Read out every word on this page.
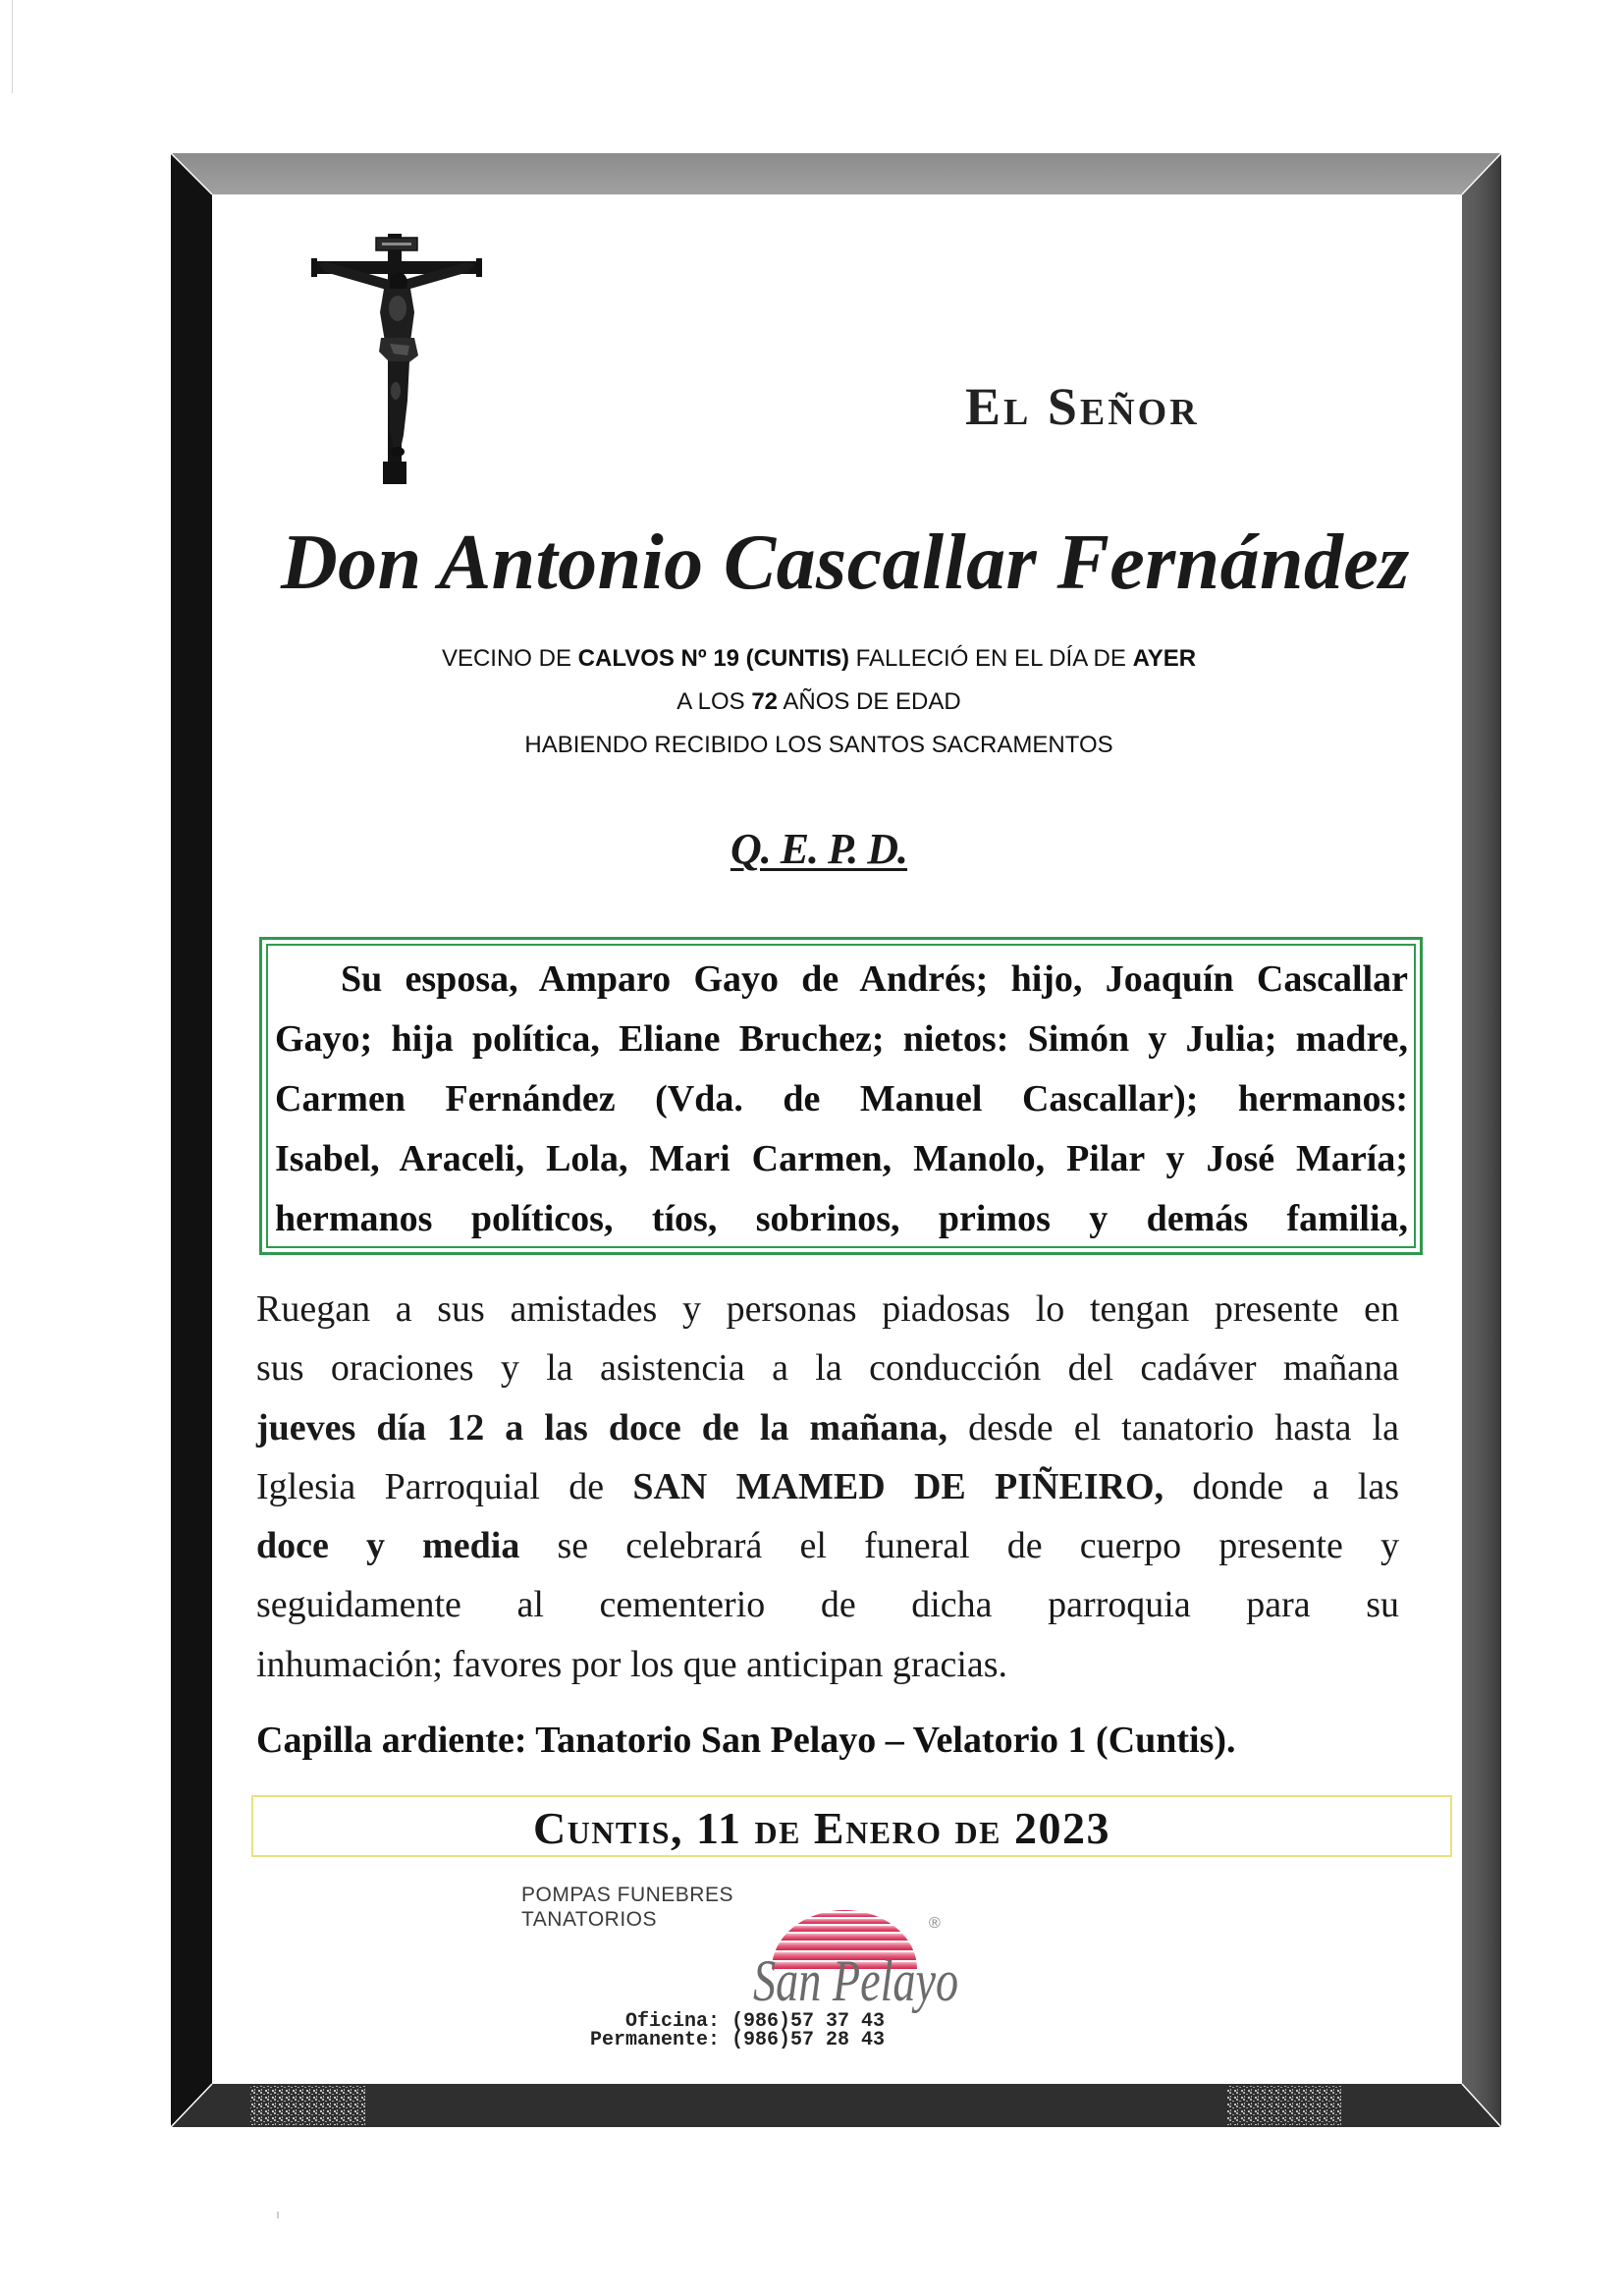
El Señor
Don Antonio Cascallar Fernández
VECINO DE CALVOS Nº 19 (CUNTIS) FALLECIÓ EN EL DÍA DE AYER
A LOS 72 AÑOS DE EDAD
HABIENDO RECIBIDO LOS SANTOS SACRAMENTOS
Q. E. P. D.
Su esposa, Amparo Gayo de Andrés; hijo, Joaquín Cascallar
Gayo; hija política, Eliane Bruchez; nietos: Simón y Julia; madre,
Carmen Fernández (Vda. de Manuel Cascallar); hermanos:
Isabel, Araceli, Lola, Mari Carmen, Manolo, Pilar y José María;
hermanos políticos, tíos, sobrinos, primos y demás familia,
Ruegan a sus amistades y personas piadosas lo tengan presente en
sus oraciones y la asistencia a la conducción del cadáver mañana
jueves día 12 a las doce de la mañana, desde el tanatorio hasta la
Iglesia Parroquial de SAN MAMED DE PIÑEIRO, donde a las
doce y media se celebrará el funeral de cuerpo presente y
seguidamente al cementerio de dicha parroquia para su
inhumación; favores por los que anticipan gracias.
Capilla ardiente: Tanatorio San Pelayo – Velatorio 1 (Cuntis).
Cuntis, 11 de Enero de 2023
POMPAS FUNEBRES
TANATORIOS
San Pelayo
®
Oficina: (986)57 37 43
Permanente: (986)57 28 43
